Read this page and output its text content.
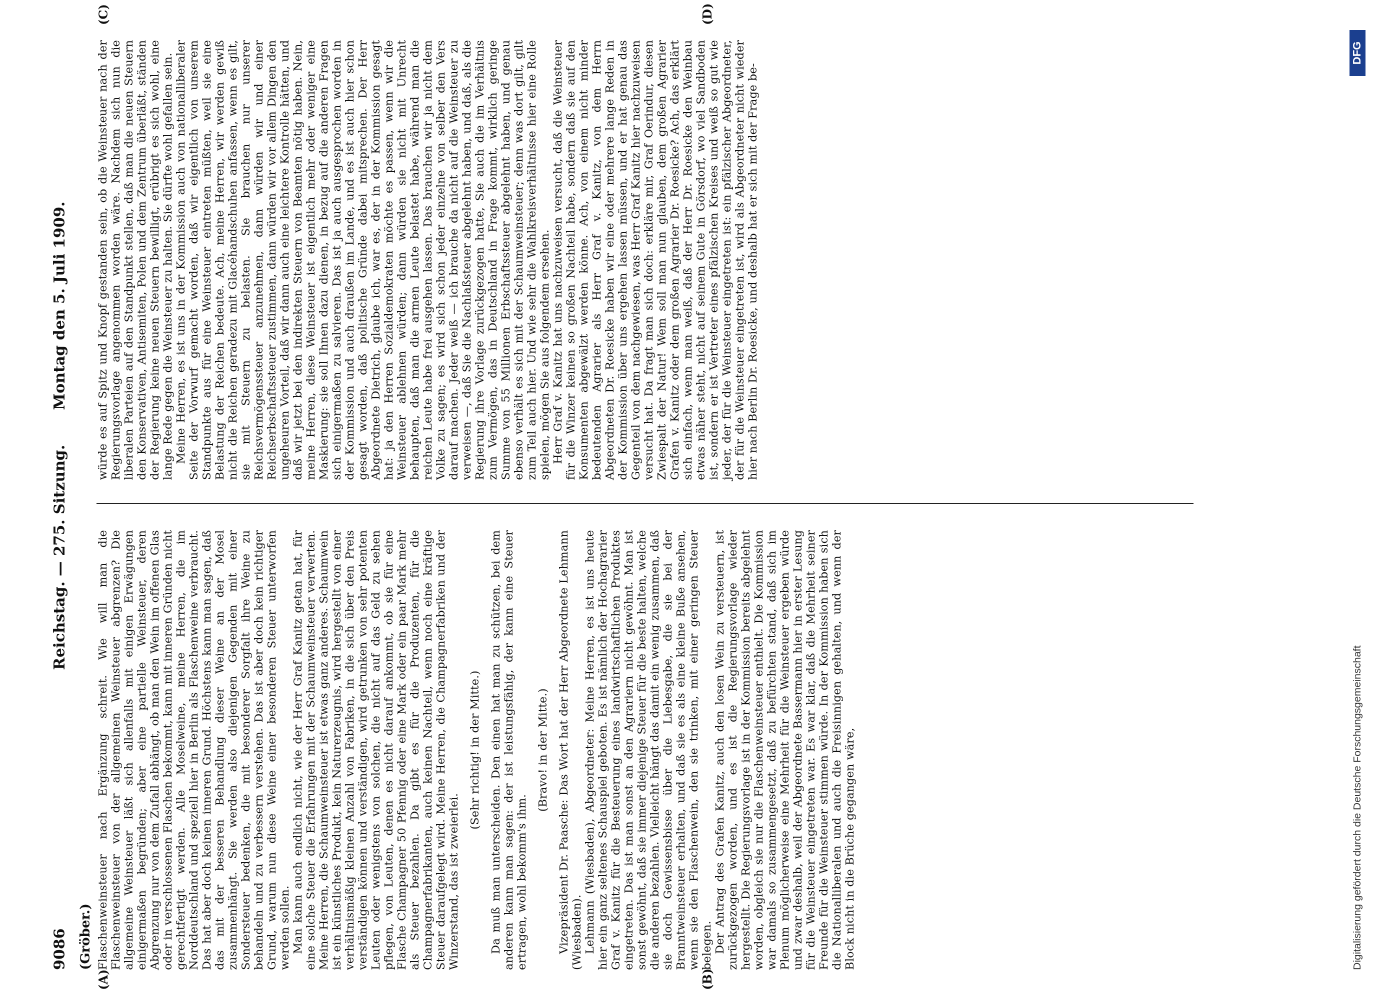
9086
Reichstag. — 275. Sitzung.
Montag den 5. Juli 1909.
(Gröber.)
(A)	(B)
(C)	(D)

Flaschenweinsteuer nach Ergänzung schreit. Wie will man die Flaschenweinsteuer von der allgemeinen Weinsteuer abgrenzen? Die allgemeine Weinsteuer läßt sich allenfalls mit einigen Erwägungen einigermaßen begründen; aber eine partielle Weinsteuer, deren Abgrenzung nur von dem Zufall abhängt, ob man den Wein im offenen Glas oder in verschlossenen Flaschen bekommt, kann mit inneren Gründen nicht gerechtfertigt werden. Alle Moselweine, meine Herren, die im Norddeutschland und speziell hier in Berlin als Flaschenweine verbraucht. Das hat aber doch keinen inneren Grund. Höchstens kann man sagen, daß das mit der besseren Behandlung dieser Weine an der Mosel zusammenhängt. Sie werden also diejenigen Gegenden mit einer Sondersteuer bedenken, die mit besonderer Sorgfalt ihre Weine zu behandeln und zu verbessern verstehen. Das ist aber doch kein richtiger Grund, warum nun diese Weine einer besonderen Steuer unterworfen werden sollen. Man kann auch endlich nicht, wie der Herr Graf Kanitz getan hat, für eine solche Steuer die Erfahrungen mit der Schaumweinsteuer verwerten. Meine Herren, die Schaumweinsteuer ist etwas ganz anderes. Schaumwein ist ein künstliches Produkt, kein Naturerzeugnis, wird hergestellt von einer verhältnismäßig kleinen Anzahl von Fabriken, in die sich über den Preis verständigen können und verständigen, wird getrunken von sehr potenten Leuten oder wenigstens von solchen, die nicht auf das Geld zu sehen pflegen, von Leuten, denen es nicht darauf ankommt, ob sie für eine Flasche Champagner 50 Pfennig oder eine Mark oder ein paar Mark mehr als Steuer bezahlen. Da gibt es für die Produzenten, für die Champagnerfabrikanten, auch keinen Nachteil, wenn noch eine kräftige Steuer daraufgelegt wird. Meine Herren, die Champagnerfabriken und der Winzerstand, das ist zweierlei.

(Sehr richtig! in der Mitte.) Da muß man unterscheiden. Den einen hat man zu schützen, bei dem anderen kann man sagen: der ist leistungsfähig, der kann eine Steuer ertragen, wohl bekomm's ihm.

(Bravo! in der Mitte.) Vizepräsident Dr. Paasche: Das Wort hat der Herr Abgeordnete Lehmann (Wiesbaden). Lehmann (Wiesbaden), Abgeordneter: Meine Herren, es ist uns heute hier ein ganz seltenes Schauspiel geboten. Es ist nämlich der Hochagrarier Graf v. Kanitz für die Besteuerung eines landwirtschaftlichen Produktes eingetreten. Das ist man sonst an den Agrariern nicht gewöhnt. Man ist sonst gewöhnt, daß sie immer diejenige Steuer für die beste halten, welche die anderen bezahlen. Vielleicht hängt das damit ein wenig zusammen, daß sie doch Gewissensbisse über die Liebesgabe, die sie bei der Branntweinsteuer erhalten, und daß sie es als eine kleine Buße ansehen, wenn sie den Flaschenwein, den sie trinken, mit einer geringen Steuer belegen. Der Antrag des Grafen Kanitz, auch den losen Wein zu versteuern, ist zurückgezogen worden, und es ist die Regierungsvorlage wieder hergestellt. Die Regierungsvorlage ist in der Kommission bereits abgelehnt worden, obgleich sie nur die Flaschenweinsteuer enthielt. Die Kommission war damals so zusammengesetzt, daß zu befürchten stand, daß sich im Plenum möglicherweise eine Mehrheit für die Weinsteuer ergeben würde und zwar deshalb, weil der Abgeordnete Bassermann hier in erster Lesung für die Weinsteuer eingetreten war. Es war klar, daß die Mehrheit seiner Freunde für die Weinsteuer stimmen würde. In der Kommission haben sich die Nationalliberalen und auch die Freisinnigen gehalten, und wenn der Block nicht in die Brüche gegangen wäre,

würde es auf Spitz und Knopf gestanden sein, ob die Weinsteuer nach der Regierungsvorlage angenommen worden wäre. Nachdem sich nun die liberalen Parteien auf den Standpunkt stellen, daß man die neuen Steuern den Konservativen, Antisemiten, Polen und dem Zentrum überläßt, ständen der Regierung keine neuen Steuern bewilligt, erübrigt es sich wohl, eine lange Rede gegen die Weinsteuer zu halten. Sie dürfte wohl gefallen sein. Meine Herren, es ist uns in der Kommission auch von nationalliberaler Seite der Vorwurf gemacht worden, daß wir eigentlich von unserem Standpunkte aus für eine Weinsteuer eintreten müßten, weil sie eine Belastung der Reichen bedeute. Ach, meine Herren, wir werden gewiß nicht die Reichen geradezu mit Glacéhandschuhen anfassen, wenn es gilt, sie mit Steuern zu belasten. Sie brauchen nur unserer Reichsvermögenssteuer anzunehmen, dann würden wir und einer Reichserbschaftssteuer zustimmen, dann würden wir vor allem Dingen den ungeheuren Vorteil, daß wir dann auch eine leichtere Kontrolle hätten, und daß wir jetzt bei den indirekten Steuern von Beamten nötig haben. Nein, meine Herren, diese Weinsteuer ist eigentlich mehr oder weniger eine Maskierung: sie soll Ihnen dazu dienen, in bezug auf die anderen Fragen sich einigermaßen zu salvieren. Das ist ja auch ausgesprochen worden in der Kommission und auch draußen im Lande, und es ist auch hier schon gesagt worden, daß politische Gründe dabei mitsprechen. Der Herr Abgeordnete Dietrich, glaube ich, war es, der in der Kommission gesagt hat: ja den Herren Sozialdemokraten möchte es passen, wenn wir die Weinsteuer ablehnen würden; dann würden sie nicht mit Unrecht behaupten, daß man die armen Leute belastet habe, während man die reichen Leute habe frei ausgehen lassen. Das brauchen wir ja nicht dem Volke zu sagen; es wird sich schon jeder einzelne von selber den Vers darauf machen. Jeder weiß — ich brauche da nicht auf die Weinsteuer zu verweisen —, daß Sie die Nachlaßsteuer abgelehnt haben, und daß, als die Regierung ihre Vorlage zurückgezogen hatte, Sie auch die im Verhältnis zum Vermögen, das in Deutschland in Frage kommt, wirklich geringe Summe von 55 Millionen Erbschaftssteuer abgelehnt haben, und genau ebenso verhält es sich mit der Schaumweinsteuer; denn was dort gilt, gilt zum Teil auch hier. Und wie sehr die Wahlkreisverhältnisse hier eine Rolle spielen, mögen Sie aus folgendem ersehen. Herr Graf v. Kanitz hat uns nachzuweisen versucht, daß die Weinsteuer für die Winzer keinen so großen Nachteil habe, sondern daß sie auf den Konsumenten abgewälzt werden könne. Ach, von einem nicht minder bedeutenden Agrarier als Herr Graf v. Kanitz, von dem Herrn Abgeordneten Dr. Roesicke haben wir eine oder mehrere lange Reden in der Kommission über uns ergehen lassen müssen, und er hat genau das Gegenteil von dem nachgewiesen, was Herr Graf Kanitz hier nachzuweisen versucht hat. Da fragt man sich doch: erkläre mir, Graf Oerindur, diesen Zwiespalt der Natur! Wem soll man nun glauben, dem großen Agrarier Grafen v. Kanitz oder dem großen Agrarier Dr. Roesicke? Ach, das erklärt sich einfach, wenn man weiß, daß der Herr Dr. Roesicke den Weinbau etwas näher steht, nicht auf seinem Gute in Görsdorf, wo viel Sandboden ist, sondern er ist Vertreter eines pfälzischen Kreises und weiß so gut wie jeder, der für die Weinsteuer eingetreten ist: ein pfälzischer Abgeordneter, der für die Weinsteuer eingetreten ist, wird als Abgeordneter nicht wieder hier nach Berlin Dr. Roesicke, und deshalb hat er sich mit der Frage be-

Digitalisierung gefördert durch die Deutsche Forschungsgemeinschaft
DFG
